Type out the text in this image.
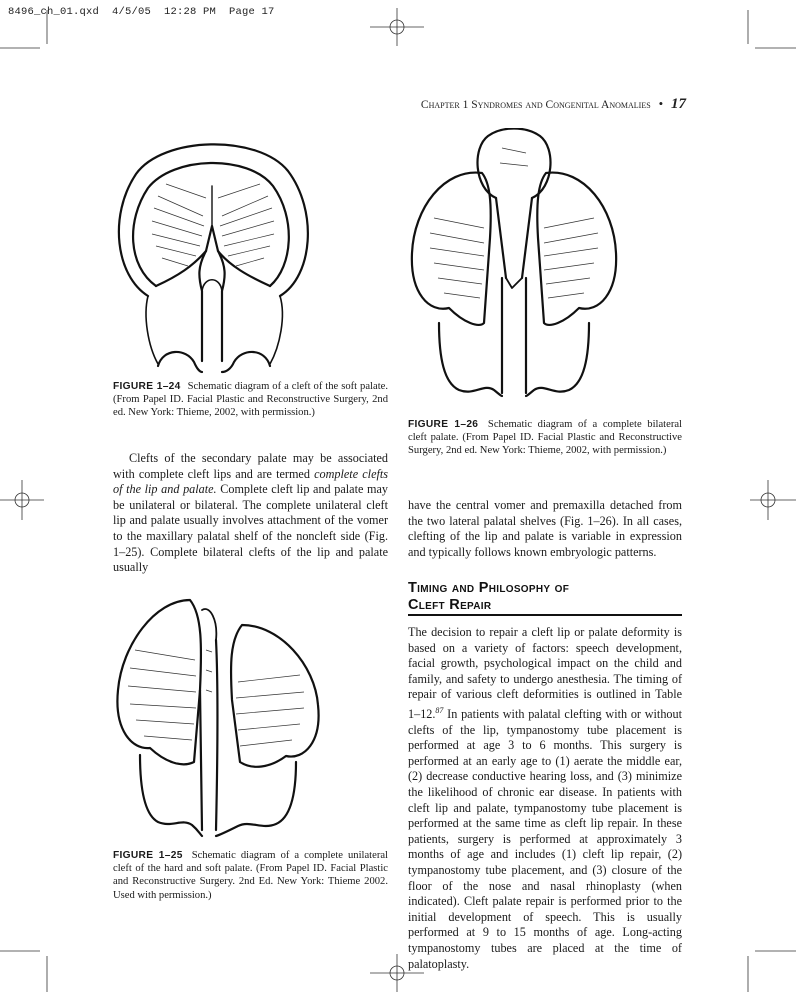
8496_ch_01.qxd  4/5/05  12:28 PM  Page 17
Chapter 1 Syndromes and Congenital Anomalies • 17
FIGURE 1–24 Schematic diagram of a cleft of the soft palate. (From Papel ID. Facial Plastic and Reconstructive Surgery, 2nd ed. New York: Thieme, 2002, with permission.)
FIGURE 1–26 Schematic diagram of a complete bilateral cleft palate. (From Papel ID. Facial Plastic and Reconstructive Surgery, 2nd ed. New York: Thieme, 2002, with permission.)

Clefts of the secondary palate may be associated with complete cleft lips and are termed complete clefts of the lip and palate. Complete cleft lip and palate may be unilateral or bilateral. The complete unilateral cleft lip and palate usually involves attachment of the vomer to the maxillary palatal shelf of the noncleft side (Fig. 1–25). Complete bilateral clefts of the lip and palate usually

have the central vomer and premaxilla detached from the two lateral palatal shelves (Fig. 1–26). In all cases, clefting of the lip and palate is variable in expression and typically follows known embryologic patterns.

FIGURE 1–25 Schematic diagram of a complete unilateral cleft of the hard and soft palate. (From Papel ID. Facial Plastic and Reconstructive Surgery. 2nd Ed. New York: Thieme 2002. Used with permission.)
Timing and Philosophy of
Cleft Repair

The decision to repair a cleft lip or palate deformity is based on a variety of factors: speech development, facial growth, psychological impact on the child and family, and safety to undergo anesthesia. The timing of repair of various cleft deformities is outlined in Table 1–12.87 In patients with palatal clefting with or without clefts of the lip, tympanostomy tube placement is performed at age 3 to 6 months. This surgery is performed at an early age to (1) aerate the middle ear, (2) decrease conductive hearing loss, and (3) minimize the likelihood of chronic ear disease. In patients with cleft lip and palate, tympanostomy tube placement is performed at the same time as cleft lip repair. In these patients, surgery is performed at approximately 3 months of age and includes (1) cleft lip repair, (2) tympanostomy tube placement, and (3) closure of the floor of the nose and nasal rhinoplasty (when indicated). Cleft palate repair is performed prior to the initial development of speech. This is usually performed at 9 to 15 months of age. Long-acting tympanostomy tubes are placed at the time of palatoplasty.
